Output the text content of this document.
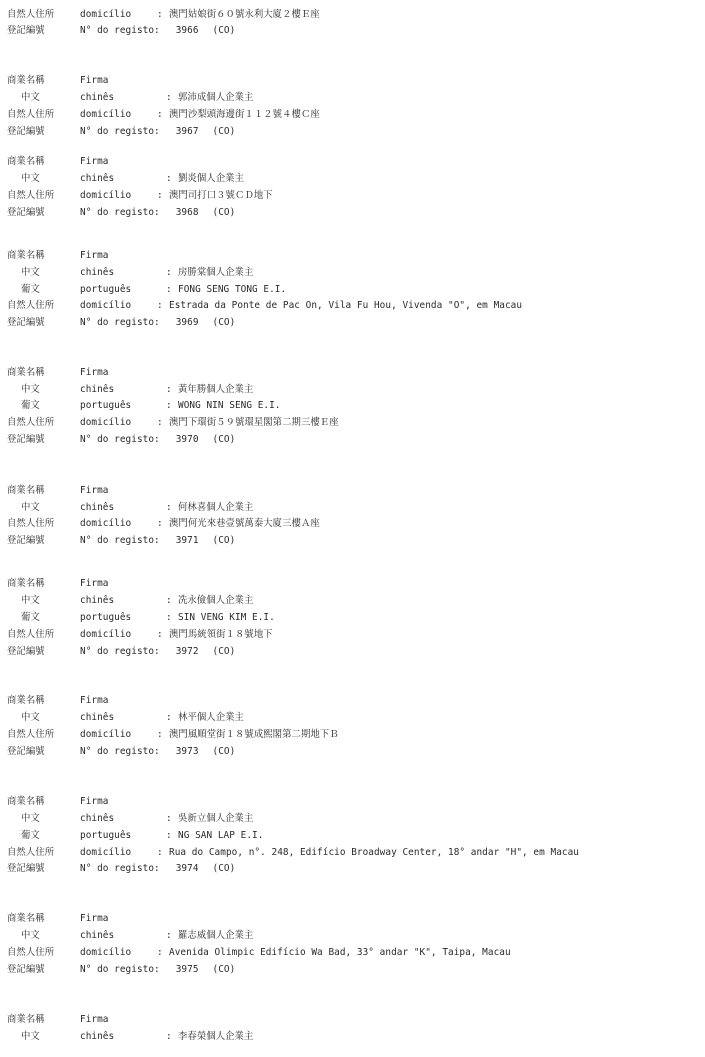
自然人住所	domicílio	: 澳門姑娘街６０號永利大廈２樓Ｅ座
登記編號	N° do registo: 3966 (CO)
商業名稱	Firma
中文	chinês	: 郭沛成個人企業主
自然人住所	domicílio	: 澳門沙梨頭海邊街１１２號４樓Ｃ座
登記編號	N° do registo: 3967 (CO)
商業名稱	Firma
中文	chinês	: 劉炎個人企業主
自然人住所	domicílio	: 澳門司打口３號ＣＤ地下
登記編號	N° do registo: 3968 (CO)
商業名稱	Firma
中文	chinês	: 房勝棠個人企業主
葡文	português	: FONG SENG TONG E.I.
自然人住所	domicílio	: Estrada da Ponte de Pac On, Vila Fu Hou, Vivenda "O", em Macau
登記編號	N° do registo: 3969 (CO)
商業名稱	Firma
中文	chinês	: 黃年勝個人企業主
葡文	português	: WONG NIN SENG E.I.
自然人住所	domicílio	: 澳門下環街５９號環星閣第二期三樓Ｅ座
登記編號	N° do registo: 3970 (CO)
商業名稱	Firma
中文	chinês	: 何林喜個人企業主
自然人住所	domicílio	: 澳門何光來巷壹號萬泰大廈三樓Ａ座
登記編號	N° do registo: 3971 (CO)
商業名稱	Firma
中文	chinês	: 冼永儉個人企業主
葡文	português	: SIN VENG KIM E.I.
自然人住所	domicílio	: 澳門馬統領街１８號地下
登記編號	N° do registo: 3972 (CO)
商業名稱	Firma
中文	chinês	: 林平個人企業主
自然人住所	domicílio	: 澳門風順堂街１８號成熙閣第二期地下Ｂ
登記編號	N° do registo: 3973 (CO)
商業名稱	Firma
中文	chinês	: 吳新立個人企業主
葡文	português	: NG SAN LAP E.I.
自然人住所	domicílio	: Rua do Campo, n°. 248, Edifício Broadway Center, 18° andar "H", em Macau
登記編號	N° do registo: 3974 (CO)
商業名稱	Firma
中文	chinês	: 羅志威個人企業主
自然人住所	domicílio	: Avenida Olimpic Edifício Wa Bad, 33° andar "K", Taipa, Macau
登記編號	N° do registo: 3975 (CO)
商業名稱	Firma
中文	chinês	: 李春榮個人企業主
